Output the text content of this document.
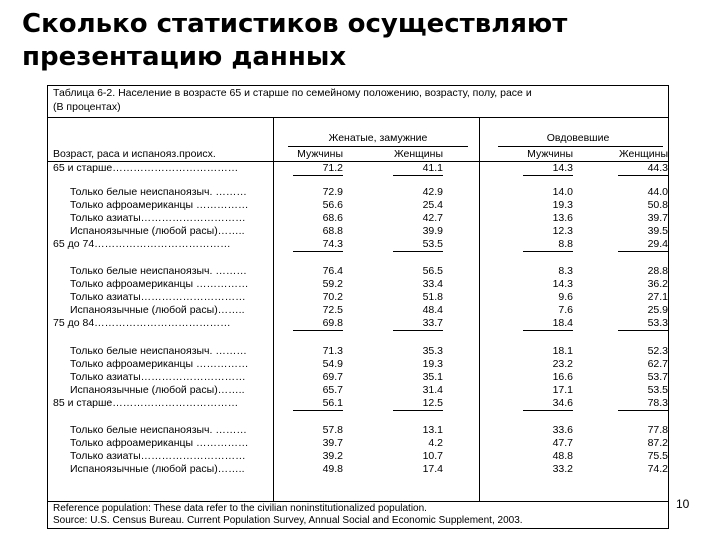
Сколько статистиков осуществляют
презентацию данных
Таблица 6-2. Население в возрасте 65 и старше по семейному положению, возрасту, полу, расе и
(В процентах)
Женатые, замужние	Овдовевшие
Возраст, раса и испанояз.происх.	Мужчины	Женщины	Мужчины	Женщины
65 и старше………………………………	71.2	41.1	14.3	44.3
Только белые неиспаноязыч. ………	72.9	42.9	14.0	44.0
Только афроамериканцы ……………	56.6	25.4	19.3	50.8
Только азиаты…………………………	68.6	42.7	13.6	39.7
Испаноязычные (любой расы)……..	68.8	39.9	12.3	39.5
65 до 74…………………………………	74.3	53.5	8.8	29.4
Только белые неиспаноязыч. ………	76.4	56.5	8.3	28.8
Только афроамериканцы ……………	59.2	33.4	14.3	36.2
Только азиаты…………………………	70.2	51.8	9.6	27.1
Испаноязычные (любой расы)……..	72.5	48.4	7.6	25.9
75 до 84…………………………………	69.8	33.7	18.4	53.3
Только белые неиспаноязыч. ………	71.3	35.3	18.1	52.3
Только афроамериканцы ……………	54.9	19.3	23.2	62.7
Только азиаты…………………………	69.7	35.1	16.6	53.7
Испаноязычные (любой расы)……..	65.7	31.4	17.1	53.5
85 и старше………………………………	56.1	12.5	34.6	78.3
Только белые неиспаноязыч. ………	57.8	13.1	33.6	77.8
Только афроамериканцы ……………	39.7	4.2	47.7	87.2
Только азиаты…………………………	39.2	10.7	48.8	75.5
Испаноязычные (любой расы)……..	49.8	17.4	33.2	74.2
Reference population: These data refer to the civilian noninstitutionalized population.
Source: U.S. Census Bureau. Current Population Survey, Annual Social and Economic Supplement, 2003.
10
